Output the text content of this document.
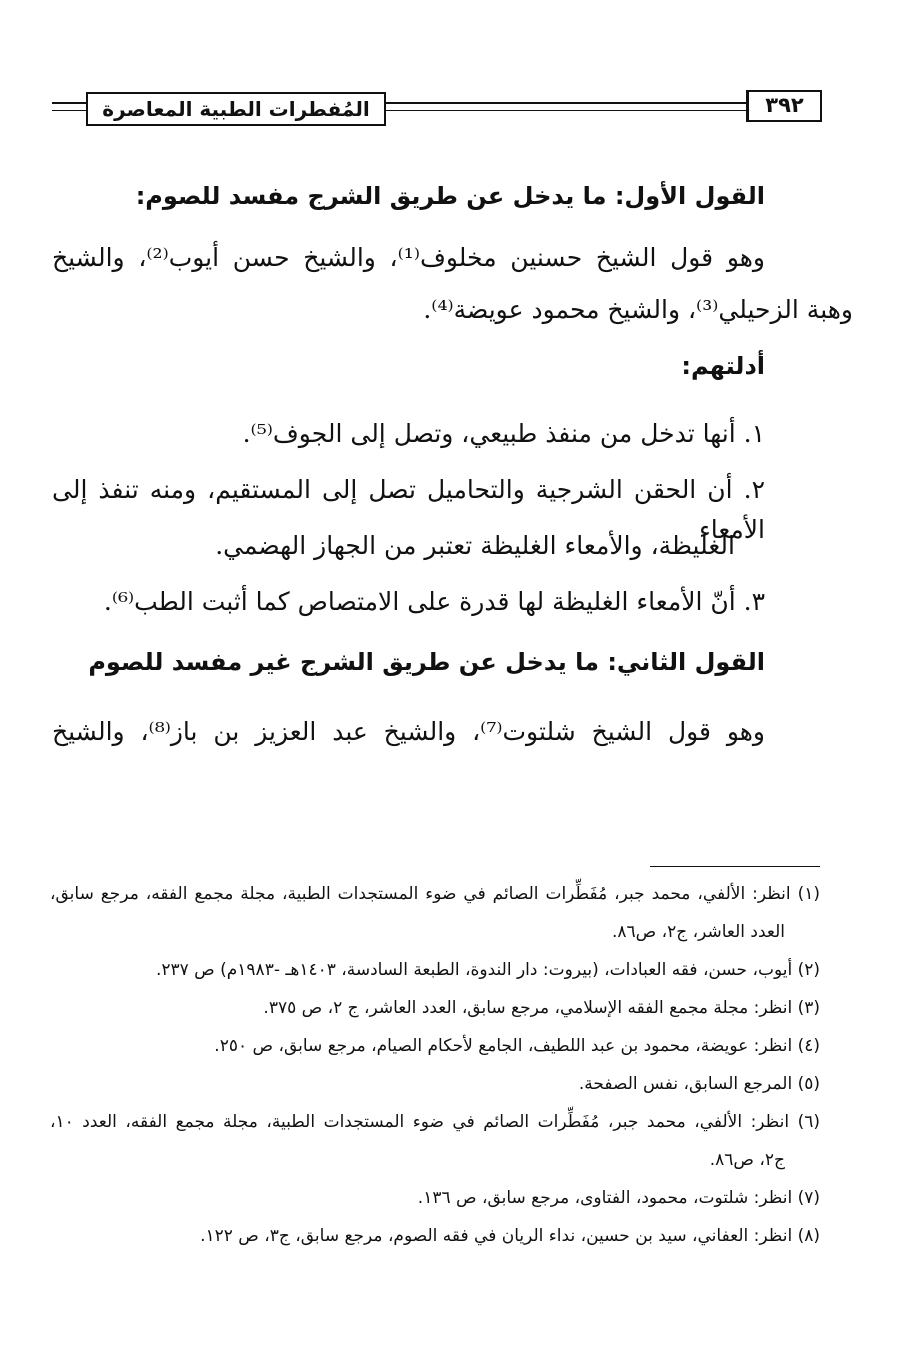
المُفطرات الطبية المعاصرة	٣٩٢
القول الأول: ما يدخل عن طريق الشرج مفسد للصوم:
وهو قول الشيخ حسنين مخلوف⁽¹⁾، والشيخ حسن أيوب⁽²⁾، والشيخ
وهبة الزحيلي⁽³⁾، والشيخ محمود عويضة⁽⁴⁾.
أدلتهم:
١. أنها تدخل من منفذ طبيعي، وتصل إلى الجوف⁽⁵⁾.
٢. أن الحقن الشرجية والتحاميل تصل إلى المستقيم، ومنه تنفذ إلى الأمعاء
الغليظة، والأمعاء الغليظة تعتبر من الجهاز الهضمي.
٣. أنّ الأمعاء الغليظة لها قدرة على الامتصاص كما أثبت الطب⁽⁶⁾.
القول الثاني: ما يدخل عن طريق الشرج غير مفسد للصوم
وهو قول الشيخ شلتوت⁽⁷⁾، والشيخ عبد العزيز بن باز⁽⁸⁾، والشيخ
(١) انظر: الألفي، محمد جبر، مُفَطِّرات الصائم في ضوء المستجدات الطبية، مجلة مجمع الفقه، مرجع سابق،
العدد العاشر، ج٢، ص٨٦.
(٢) أيوب، حسن، فقه العبادات، (بيروت: دار الندوة، الطبعة السادسة، ١٤٠٣هـ -١٩٨٣م) ص ٢٣٧.
(٣) انظر: مجلة مجمع الفقه الإسلامي، مرجع سابق، العدد العاشر، ج ٢، ص ٣٧٥.
(٤) انظر: عويضة، محمود بن عبد اللطيف، الجامع لأحكام الصيام، مرجع سابق، ص ٢٥٠.
(٥) المرجع السابق، نفس الصفحة.
(٦) انظر: الألفي، محمد جبر، مُفَطِّرات الصائم في ضوء المستجدات الطبية، مجلة مجمع الفقه، العدد ١٠،
ج٢، ص٨٦.
(٧) انظر: شلتوت، محمود، الفتاوى، مرجع سابق، ص ١٣٦.
(٨) انظر: العفاني، سيد بن حسين، نداء الريان في فقه الصوم، مرجع سابق، ج٣، ص ١٢٢.
